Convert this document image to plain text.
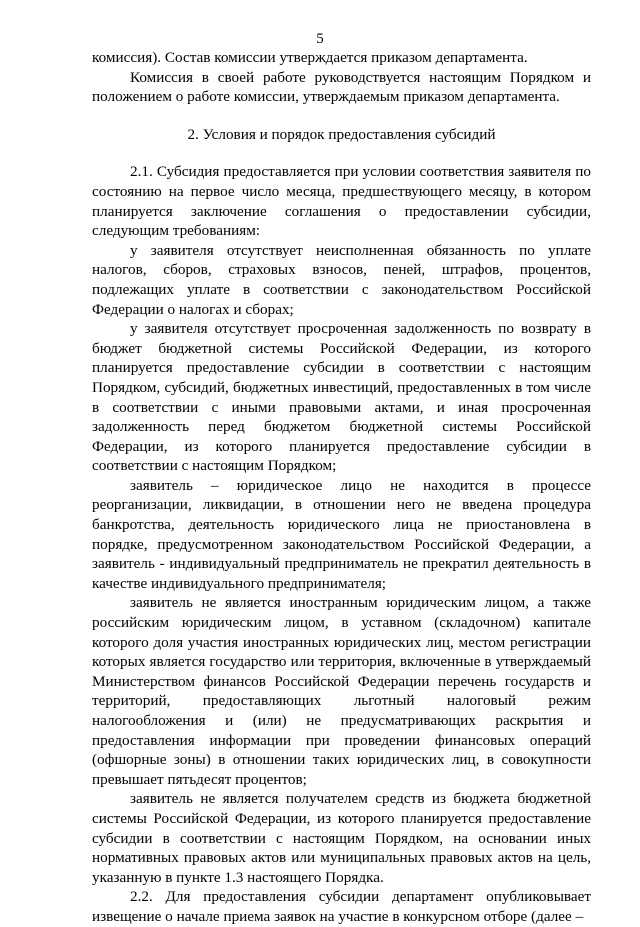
5

комиссия). Состав комиссии утверждается приказом департамента.

Комиссия в своей работе руководствуется настоящим Порядком и положением о работе комиссии, утверждаемым приказом департамента.

2. Условия и порядок предоставления субсидий

2.1. Субсидия предоставляется при условии соответствия заявителя по состоянию на первое число месяца, предшествующего месяцу, в котором планируется заключение соглашения о предоставлении субсидии, следующим требованиям:

у заявителя отсутствует неисполненная обязанность по уплате налогов, сборов, страховых взносов, пеней, штрафов, процентов, подлежащих уплате в соответствии с законодательством Российской Федерации о налогах и сборах;

у заявителя отсутствует просроченная задолженность по возврату в бюджет бюджетной системы Российской Федерации, из которого планируется предоставление субсидии в соответствии с настоящим Порядком, субсидий, бюджетных инвестиций, предоставленных в том числе в соответствии с иными правовыми актами, и иная просроченная задолженность перед бюджетом бюджетной системы Российской Федерации, из которого планируется предоставление субсидии в соответствии с настоящим Порядком;

заявитель – юридическое лицо не находится в процессе реорганизации, ликвидации, в отношении него не введена процедура банкротства, деятельность юридического лица не приостановлена в порядке, предусмотренном законодательством Российской Федерации, а заявитель - индивидуальный предприниматель не прекратил деятельность в качестве индивидуального предпринимателя;

заявитель не является иностранным юридическим лицом, а также российским юридическим лицом, в уставном (складочном) капитале которого доля участия иностранных юридических лиц, местом регистрации которых является государство или территория, включенные в утверждаемый Министерством финансов Российской Федерации перечень государств и территорий, предоставляющих льготный налоговый режим налогообложения и (или) не предусматривающих раскрытия и предоставления информации при проведении финансовых операций (офшорные зоны) в отношении таких юридических лиц, в совокупности превышает пятьдесят процентов;

заявитель не является получателем средств из бюджета бюджетной системы Российской Федерации, из которого планируется предоставление субсидии в соответствии с настоящим Порядком, на основании иных нормативных правовых актов или муниципальных правовых актов на цель, указанную в пункте 1.3 настоящего Порядка.

2.2. Для предоставления субсидии департамент опубликовывает извещение о начале приема заявок на участие в конкурсном отборе (далее –
